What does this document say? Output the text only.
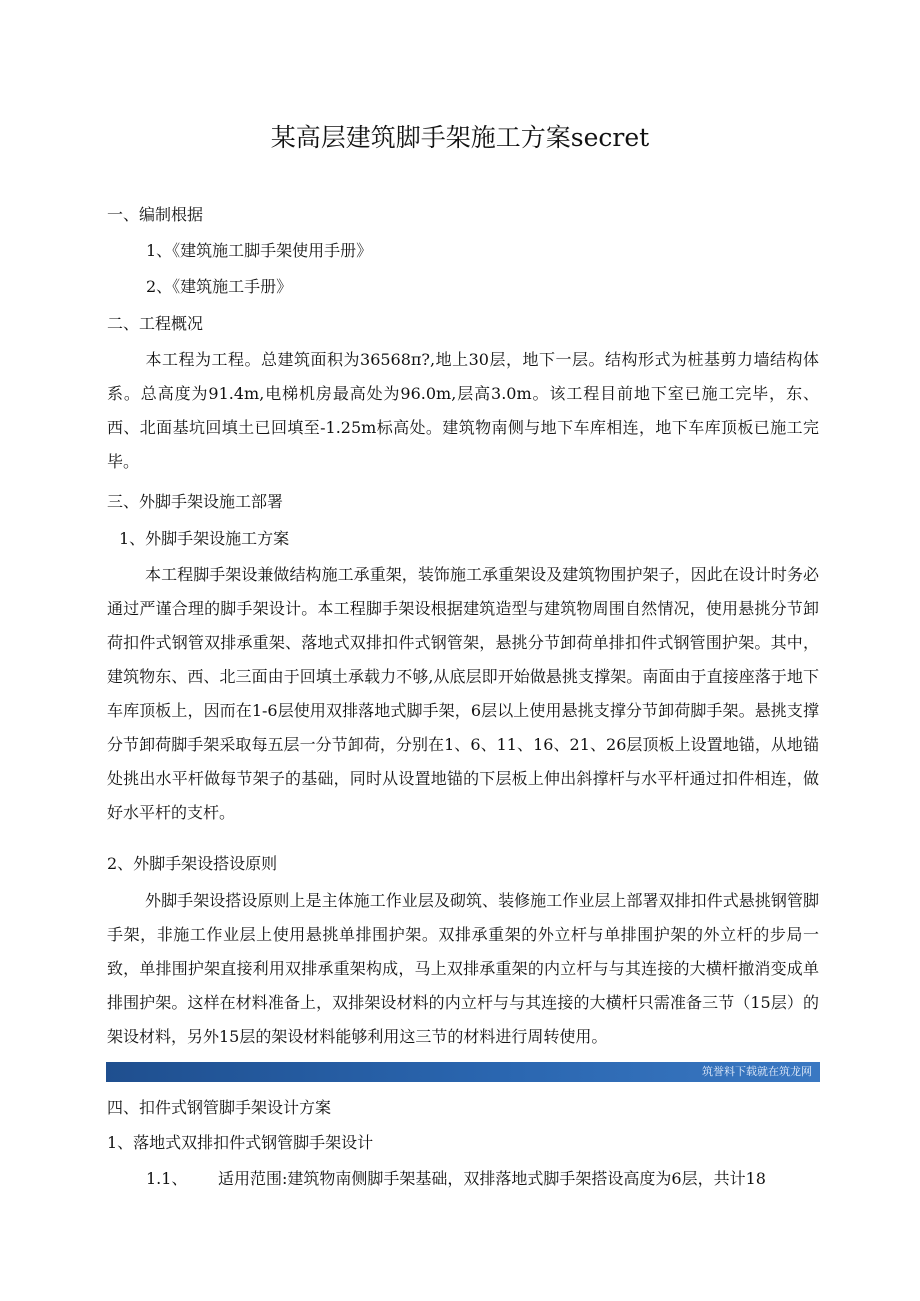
某高层建筑脚手架施工方案secret
一、编制根据
1、《建筑施工脚手架使用手册》
2、《建筑施工手册》
二、工程概况
本工程为工程。总建筑面积为36568π?,地上30层，地下一层。结构形式为桩基剪力墙结构体系。总高度为91.4m,电梯机房最高处为96.0m,层高3.0m。该工程目前地下室已施工完毕，东、西、北面基坑回填土已回填至-1.25m标高处。建筑物南侧与地下车库相连，地下车库顶板已施工完毕。
三、外脚手架设施工部署
1、外脚手架设施工方案
本工程脚手架设兼做结构施工承重架，装饰施工承重架设及建筑物围护架子，因此在设计时务必通过严谨合理的脚手架设计。本工程脚手架设根据建筑造型与建筑物周围自然情况，使用悬挑分节卸荷扣件式钢管双排承重架、落地式双排扣件式钢管架，悬挑分节卸荷单排扣件式钢管围护架。其中，建筑物东、西、北三面由于回填土承载力不够,从底层即开始做悬挑支撑架。南面由于直接座落于地下车库顶板上，因而在1-6层使用双排落地式脚手架，6层以上使用悬挑支撑分节卸荷脚手架。悬挑支撑分节卸荷脚手架采取每五层一分节卸荷，分别在1、6、11、16、21、26层顶板上设置地锚，从地锚处挑出水平杆做每节架子的基础，同时从设置地锚的下层板上伸出斜撑杆与水平杆通过扣件相连，做好水平杆的支杆。
2、外脚手架设搭设原则
外脚手架设搭设原则上是主体施工作业层及砌筑、装修施工作业层上部署双排扣件式悬挑钢管脚手架，非施工作业层上使用悬挑单排围护架。双排承重架的外立杆与单排围护架的外立杆的步局一致，单排围护架直接利用双排承重架构成，马上双排承重架的内立杆与与其连接的大横杆撤消变成单排围护架。这样在材料准备上，双排架设材料的内立杆与与其连接的大横杆只需准备三节（15层）的架设材料，另外15层的架设材料能够利用这三节的材料进行周转使用。
筑誉料下载就在筑龙网
四、扣件式钢管脚手架设计方案
1、落地式双排扣件式钢管脚手架设计
1.1、 适用范围:建筑物南侧脚手架基础，双排落地式脚手架搭设高度为6层，共计18
